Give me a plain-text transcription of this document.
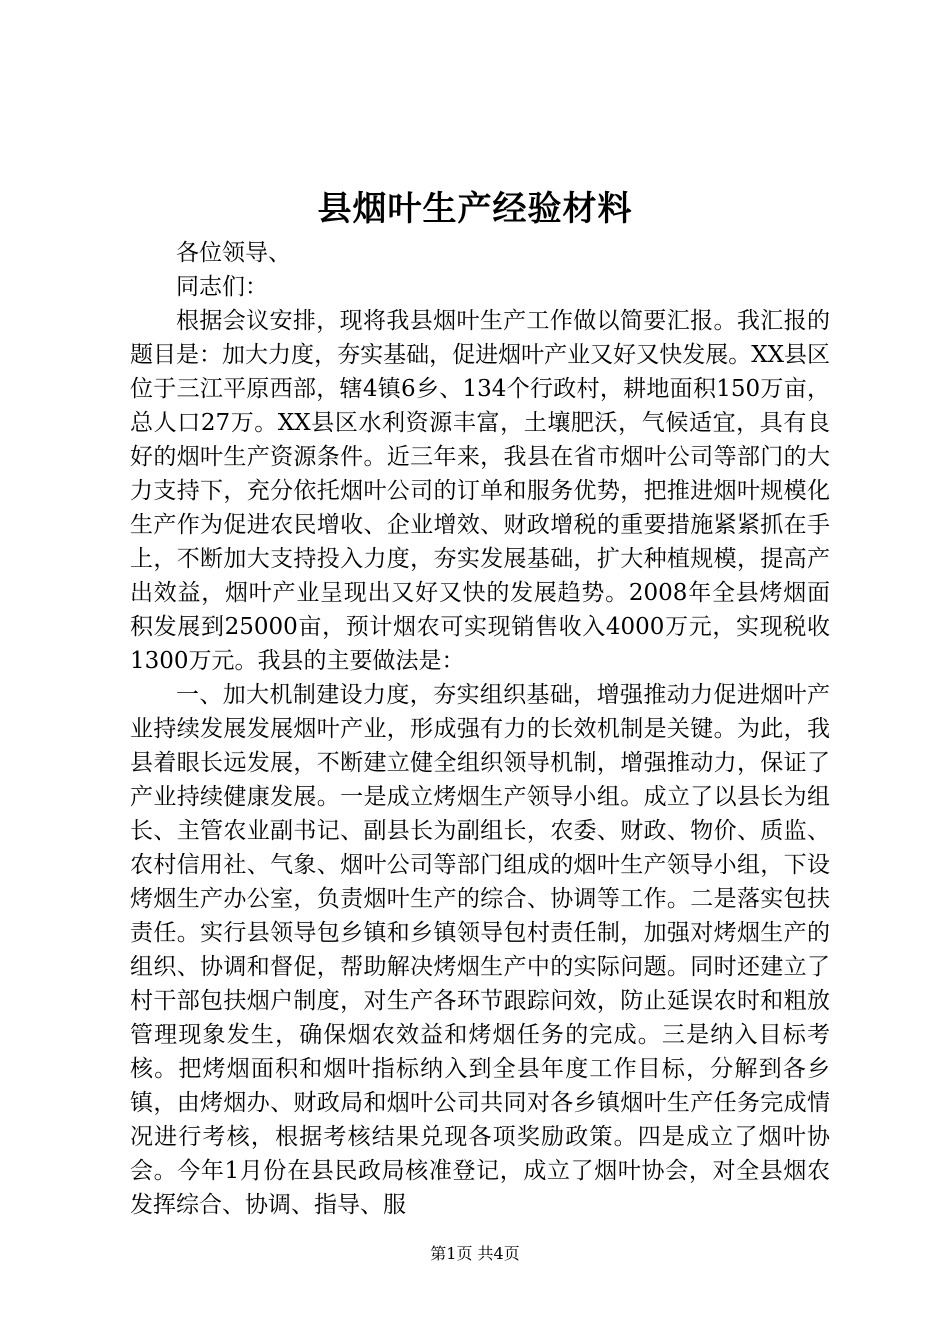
县烟叶生产经验材料

各位领导、

同志们：

根据会议安排，现将我县烟叶生产工作做以简要汇报。我汇报的题目是：加大力度，夯实基础，促进烟叶产业又好又快发展。XX县区位于三江平原西部，辖4镇6乡、134个行政村，耕地面积150万亩，总人口27万。XX县区水利资源丰富，土壤肥沃，气候适宜，具有良好的烟叶生产资源条件。近三年来，我县在省市烟叶公司等部门的大力支持下，充分依托烟叶公司的订单和服务优势，把推进烟叶规模化生产作为促进农民增收、企业增效、财政增税的重要措施紧紧抓在手上，不断加大支持投入力度，夯实发展基础，扩大种植规模，提高产出效益，烟叶产业呈现出又好又快的发展趋势。2008年全县烤烟面积发展到25000亩，预计烟农可实现销售收入4000万元，实现税收1300万元。我县的主要做法是：

一、加大机制建设力度，夯实组织基础，增强推动力促进烟叶产业持续发展发展烟叶产业，形成强有力的长效机制是关键。为此，我县着眼长远发展，不断建立健全组织领导机制，增强推动力，保证了产业持续健康发展。一是成立烤烟生产领导小组。成立了以县长为组长、主管农业副书记、副县长为副组长，农委、财政、物价、质监、农村信用社、气象、烟叶公司等部门组成的烟叶生产领导小组，下设烤烟生产办公室，负责烟叶生产的综合、协调等工作。二是落实包扶责任。实行县领导包乡镇和乡镇领导包村责任制，加强对烤烟生产的组织、协调和督促，帮助解决烤烟生产中的实际问题。同时还建立了村干部包扶烟户制度，对生产各环节跟踪问效，防止延误农时和粗放管理现象发生，确保烟农效益和烤烟任务的完成。三是纳入目标考核。把烤烟面积和烟叶指标纳入到全县年度工作目标，分解到各乡镇，由烤烟办、财政局和烟叶公司共同对各乡镇烟叶生产任务完成情况进行考核，根据考核结果兑现各项奖励政策。四是成立了烟叶协会。今年1月份在县民政局核准登记，成立了烟叶协会，对全县烟农发挥综合、协调、指导、服

第1页 共4页
